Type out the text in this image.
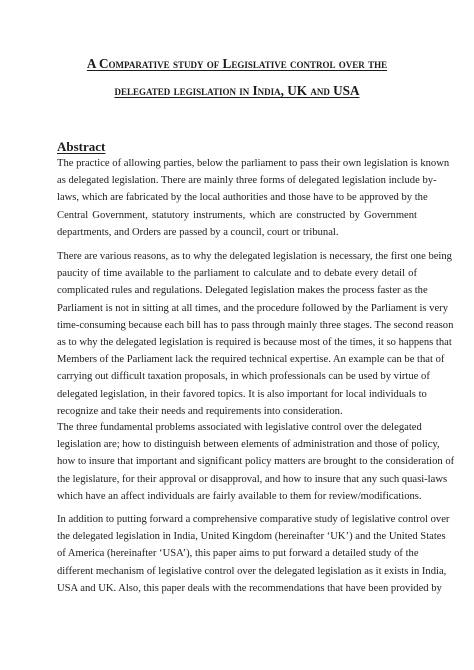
A Comparative study of Legislative control over the
delegated legislation in India, UK and USA
Abstract

The practice of allowing parties, below the parliament to pass their own legislation is known
as delegated legislation. There are mainly three forms of delegated legislation include by-
laws, which are fabricated by the local authorities and those have to be approved by the
Central Government, statutory instruments, which are constructed by Government
departments, and Orders are passed by a council, court or tribunal.

There are various reasons, as to why the delegated legislation is necessary, the first one being
paucity of time available to the parliament to calculate and to debate every detail of
complicated rules and regulations. Delegated legislation makes the process faster as the
Parliament is not in sitting at all times, and the procedure followed by the Parliament is very
time-consuming because each bill has to pass through mainly three stages. The second reason
as to why the delegated legislation is required is because most of the times, it so happens that
Members of the Parliament lack the required technical expertise. An example can be that of
carrying out difficult taxation proposals, in which professionals can be used by virtue of
delegated legislation, in their favored topics. It is also important for local individuals to
recognize and take their needs and requirements into consideration.

The three fundamental problems associated with legislative control over the delegated
legislation are; how to distinguish between elements of administration and those of policy,
how to insure that important and significant policy matters are brought to the consideration of
the legislature, for their approval or disapproval, and how to insure that any such quasi-laws
which have an affect individuals are fairly available to them for review/modifications.

In addition to putting forward a comprehensive comparative study of legislative control over
the delegated legislation in India, United Kingdom (hereinafter ‘UK’) and the United States
of America (hereinafter ‘USA’), this paper aims to put forward a detailed study of the
different mechanism of legislative control over the delegated legislation as it exists in India,
USA and UK. Also, this paper deals with the recommendations that have been provided by
